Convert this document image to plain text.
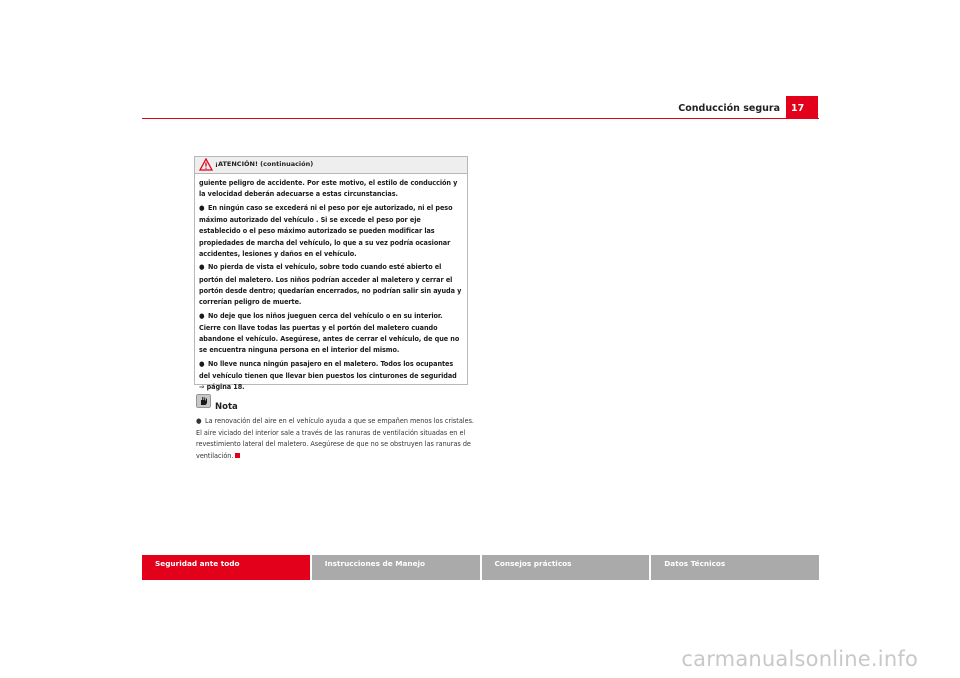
Conducción segura	17
¡ATENCIÓN! (continuación)

guiente peligro de accidente. Por este motivo, el estilo de conducción y la velocidad deberán adecuarse a estas circunstancias.

● En ningún caso se excederá ni el peso por eje autorizado, ni el peso máximo autorizado del vehículo . Si se excede el peso por eje establecido o el peso máximo autorizado se pueden modificar las propiedades de marcha del vehículo, lo que a su vez podría ocasionar accidentes, lesiones y daños en el vehículo.

● No pierda de vista el vehículo, sobre todo cuando esté abierto el portón del maletero. Los niños podrían acceder al maletero y cerrar el portón desde dentro; quedarían encerrados, no podrían salir sin ayuda y correrían peligro de muerte.

● No deje que los niños jueguen cerca del vehículo o en su interior. Cierre con llave todas las puertas y el portón del maletero cuando abandone el vehículo. Asegúrese, antes de cerrar el vehículo, de que no se encuentra ninguna persona en el interior del mismo.

● No lleve nunca ningún pasajero en el maletero. Todos los ocupantes del vehículo tienen que llevar bien puestos los cinturones de seguridad
⇒ página 18.

Nota

● La renovación del aire en el vehículo ayuda a que se empañen menos los cristales. El aire viciado del interior sale a través de las ranuras de ventilación situadas en el revestimiento lateral del maletero. Asegúrese de que no se obstruyen las ranuras de ventilación.

Seguridad ante todo	Instrucciones de Manejo	Consejos prácticos	Datos Técnicos
carmanualsonline.info
